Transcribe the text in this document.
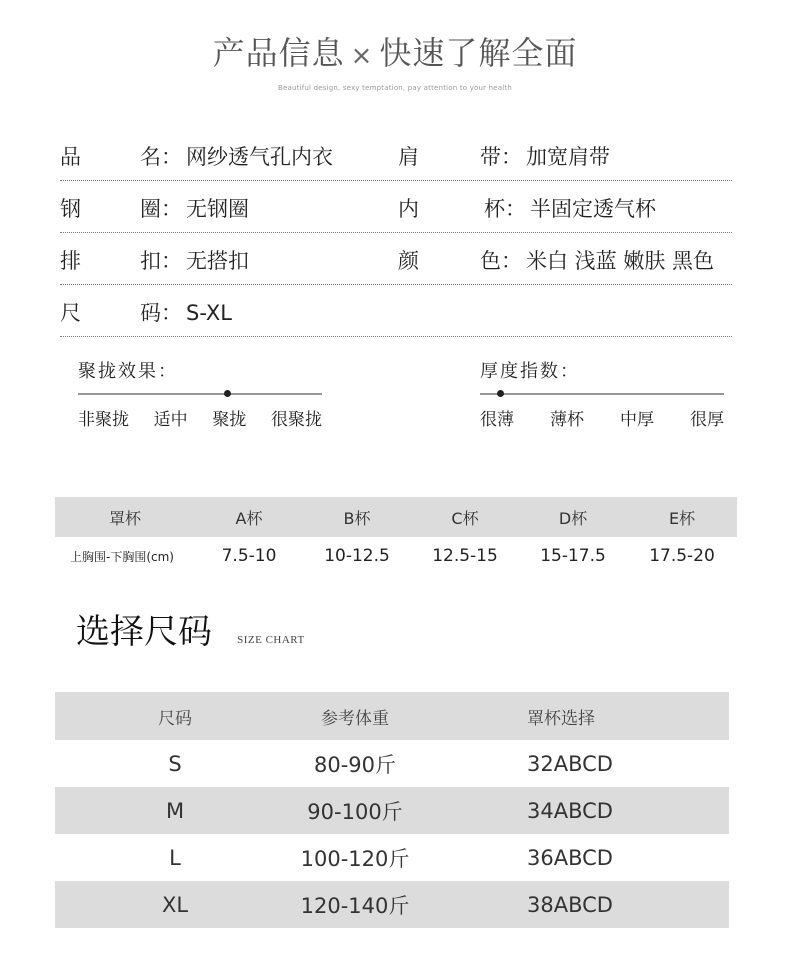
产品信息 × 快速了解全面
Beautiful design, sexy temptation, pay attention to your health
品	名： 网纱透气孔内衣	肩	带： 加宽肩带
钢	圈： 无钢圈	内	杯： 半固定透气杯
排	扣： 无搭扣	颜	色： 米白 浅蓝 嫩肤 黑色
尺	码： S-XL
聚拢效果：
非聚拢 适中 聚拢 很聚拢
厚度指数：
很薄 薄杯 中厚 很厚
罩杯	A杯	B杯	C杯	D杯	E杯
上胸围-下胸围(cm)	7.5-10	10-12.5	12.5-15	15-17.5	17.5-20
选择尺码 SIZE CHART
尺码	参考体重	罩杯选择
S	80-90斤	32ABCD
M	90-100斤	34ABCD
L	100-120斤	36ABCD
XL	120-140斤	38ABCD
